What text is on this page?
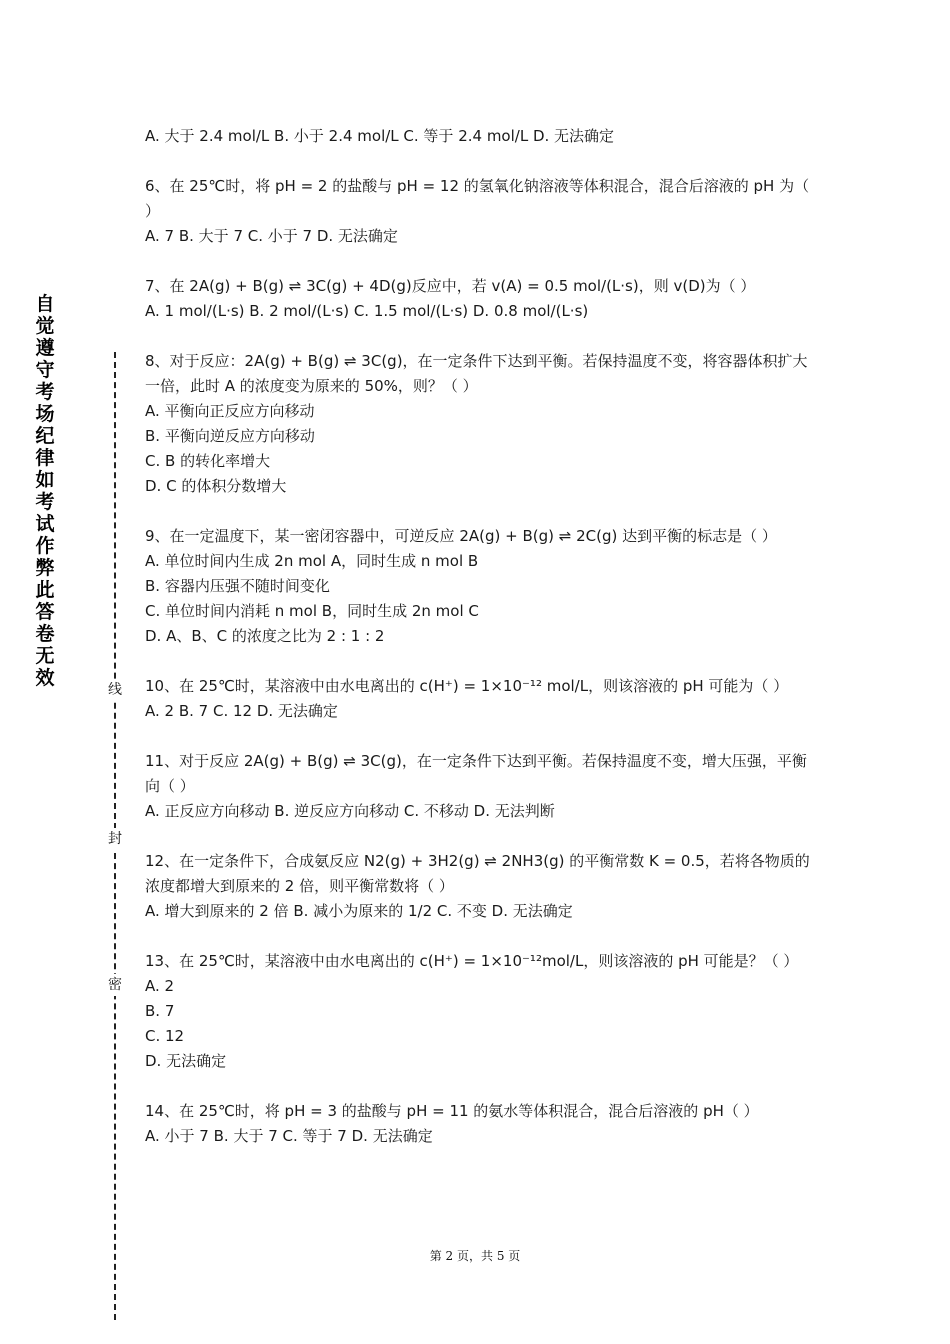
自觉遵守考场纪律如考试作弊此答卷无效
线
封
密

A. 大于 2.4 mol/L B. 小于 2.4 mol/L C. 等于 2.4 mol/L D. 无法确定

6、在 25℃时，将 pH = 2 的盐酸与 pH = 12 的氢氧化钠溶液等体积混合，混合后溶液的 pH 为（ ）

A. 7 B. 大于 7 C. 小于 7 D. 无法确定

7、在 2A(g) + B(g) ⇌ 3C(g) + 4D(g)反应中，若 v(A) = 0.5 mol/(L·s)，则 v(D)为（ ）

A. 1 mol/(L·s) B. 2 mol/(L·s) C. 1.5 mol/(L·s) D. 0.8 mol/(L·s)

8、对于反应：2A(g) + B(g) ⇌ 3C(g)，在一定条件下达到平衡。若保持温度不变，将容器体积扩大一倍，此时 A 的浓度变为原来的 50%，则？（ ）

A. 平衡向正反应方向移动

B. 平衡向逆反应方向移动

C. B 的转化率增大

D. C 的体积分数增大

9、在一定温度下，某一密闭容器中，可逆反应 2A(g) + B(g) ⇌ 2C(g) 达到平衡的标志是（ ）

A. 单位时间内生成 2n mol A，同时生成 n mol B

B. 容器内压强不随时间变化

C. 单位时间内消耗 n mol B，同时生成 2n mol C

D. A、B、C 的浓度之比为 2 : 1 : 2

10、在 25℃时，某溶液中由水电离出的 c(H⁺) = 1×10⁻¹² mol/L，则该溶液的 pH 可能为（ ）

A. 2 B. 7 C. 12 D. 无法确定

11、对于反应 2A(g) + B(g) ⇌ 3C(g)，在一定条件下达到平衡。若保持温度不变，增大压强，平衡向（ ）

A. 正反应方向移动 B. 逆反应方向移动 C. 不移动 D. 无法判断

12、在一定条件下，合成氨反应 N2(g) + 3H2(g) ⇌ 2NH3(g) 的平衡常数 K = 0.5，若将各物质的浓度都增大到原来的 2 倍，则平衡常数将（ ）

A. 增大到原来的 2 倍 B. 减小为原来的 1/2 C. 不变 D. 无法确定

13、在 25℃时，某溶液中由水电离出的 c(H⁺) = 1×10⁻¹²mol/L，则该溶液的 pH 可能是？（ ）

A. 2

B. 7

C. 12

D. 无法确定

14、在 25℃时，将 pH = 3 的盐酸与 pH = 11 的氨水等体积混合，混合后溶液的 pH（ ）

A. 小于 7 B. 大于 7 C. 等于 7 D. 无法确定

第 2 页，共 5 页
